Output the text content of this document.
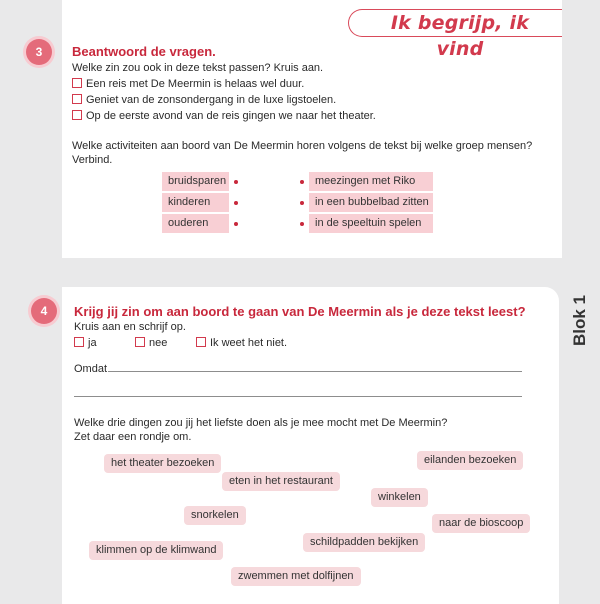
Ik begrijp, ik vind
3	Beantwoord de vragen.
Welke zin zou ook in deze tekst passen? Kruis aan.
Een reis met De Meermin is helaas wel duur.
Geniet van de zonsondergang in de luxe ligstoelen.
Op de eerste avond van de reis gingen we naar het theater.
Welke activiteiten aan boord van De Meermin horen volgens de tekst bij welke groep mensen?
Verbind.
bruidsparen
kinderen
ouderen
meezingen met Riko
in een bubbelbad zitten
in de speeltuin spelen
Blok 1
4	Krijg jij zin om aan boord te gaan van De Meermin als je deze tekst leest?
Kruis aan en schrijf op.
ja	nee	Ik weet het niet.
Omdat
Welke drie dingen zou jij het liefste doen als je mee mocht met De Meermin?
Zet daar een rondje om.
het theater bezoeken	eilanden bezoeken
eten in het restaurant
winkelen
snorkelen
naar de bioscoop
schildpadden bekijken
klimmen op de klimwand
zwemmen met dolfijnen
